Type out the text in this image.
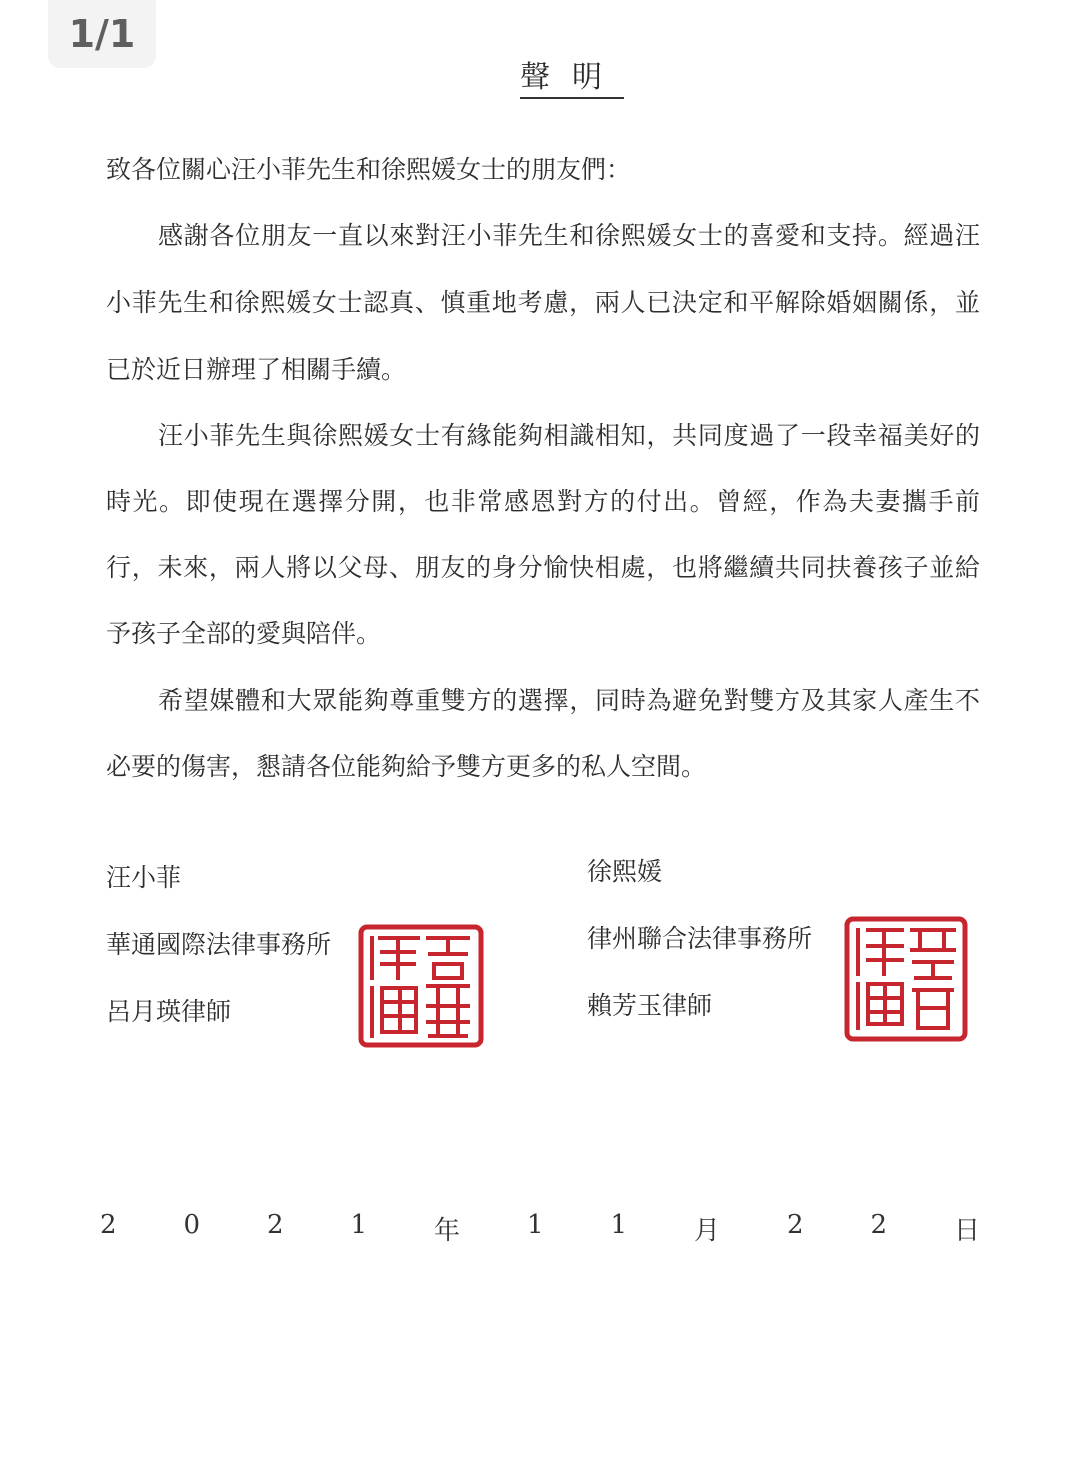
1/1
聲明
致各位關心汪小菲先生和徐熙媛女士的朋友們：
感謝各位朋友一直以來對汪小菲先生和徐熙媛女士的喜愛和支持。經過汪
小菲先生和徐熙媛女士認真、慎重地考慮，兩人已決定和平解除婚姻關係，並
已於近日辦理了相關手續。
汪小菲先生與徐熙媛女士有緣能夠相識相知，共同度過了一段幸福美好的
時光。即使現在選擇分開，也非常感恩對方的付出。曾經，作為夫妻攜手前
行，未來，兩人將以父母、朋友的身分愉快相處，也將繼續共同扶養孩子並給
予孩子全部的愛與陪伴。
希望媒體和大眾能夠尊重雙方的選擇，同時為避免對雙方及其家人產生不
必要的傷害，懇請各位能夠給予雙方更多的私人空間。
汪小菲
華通國際法律事務所
呂月瑛律師
徐熙媛
律州聯合法律事務所
賴芳玉律師
2	0	2	1	年	1	1	月	2	2	日
